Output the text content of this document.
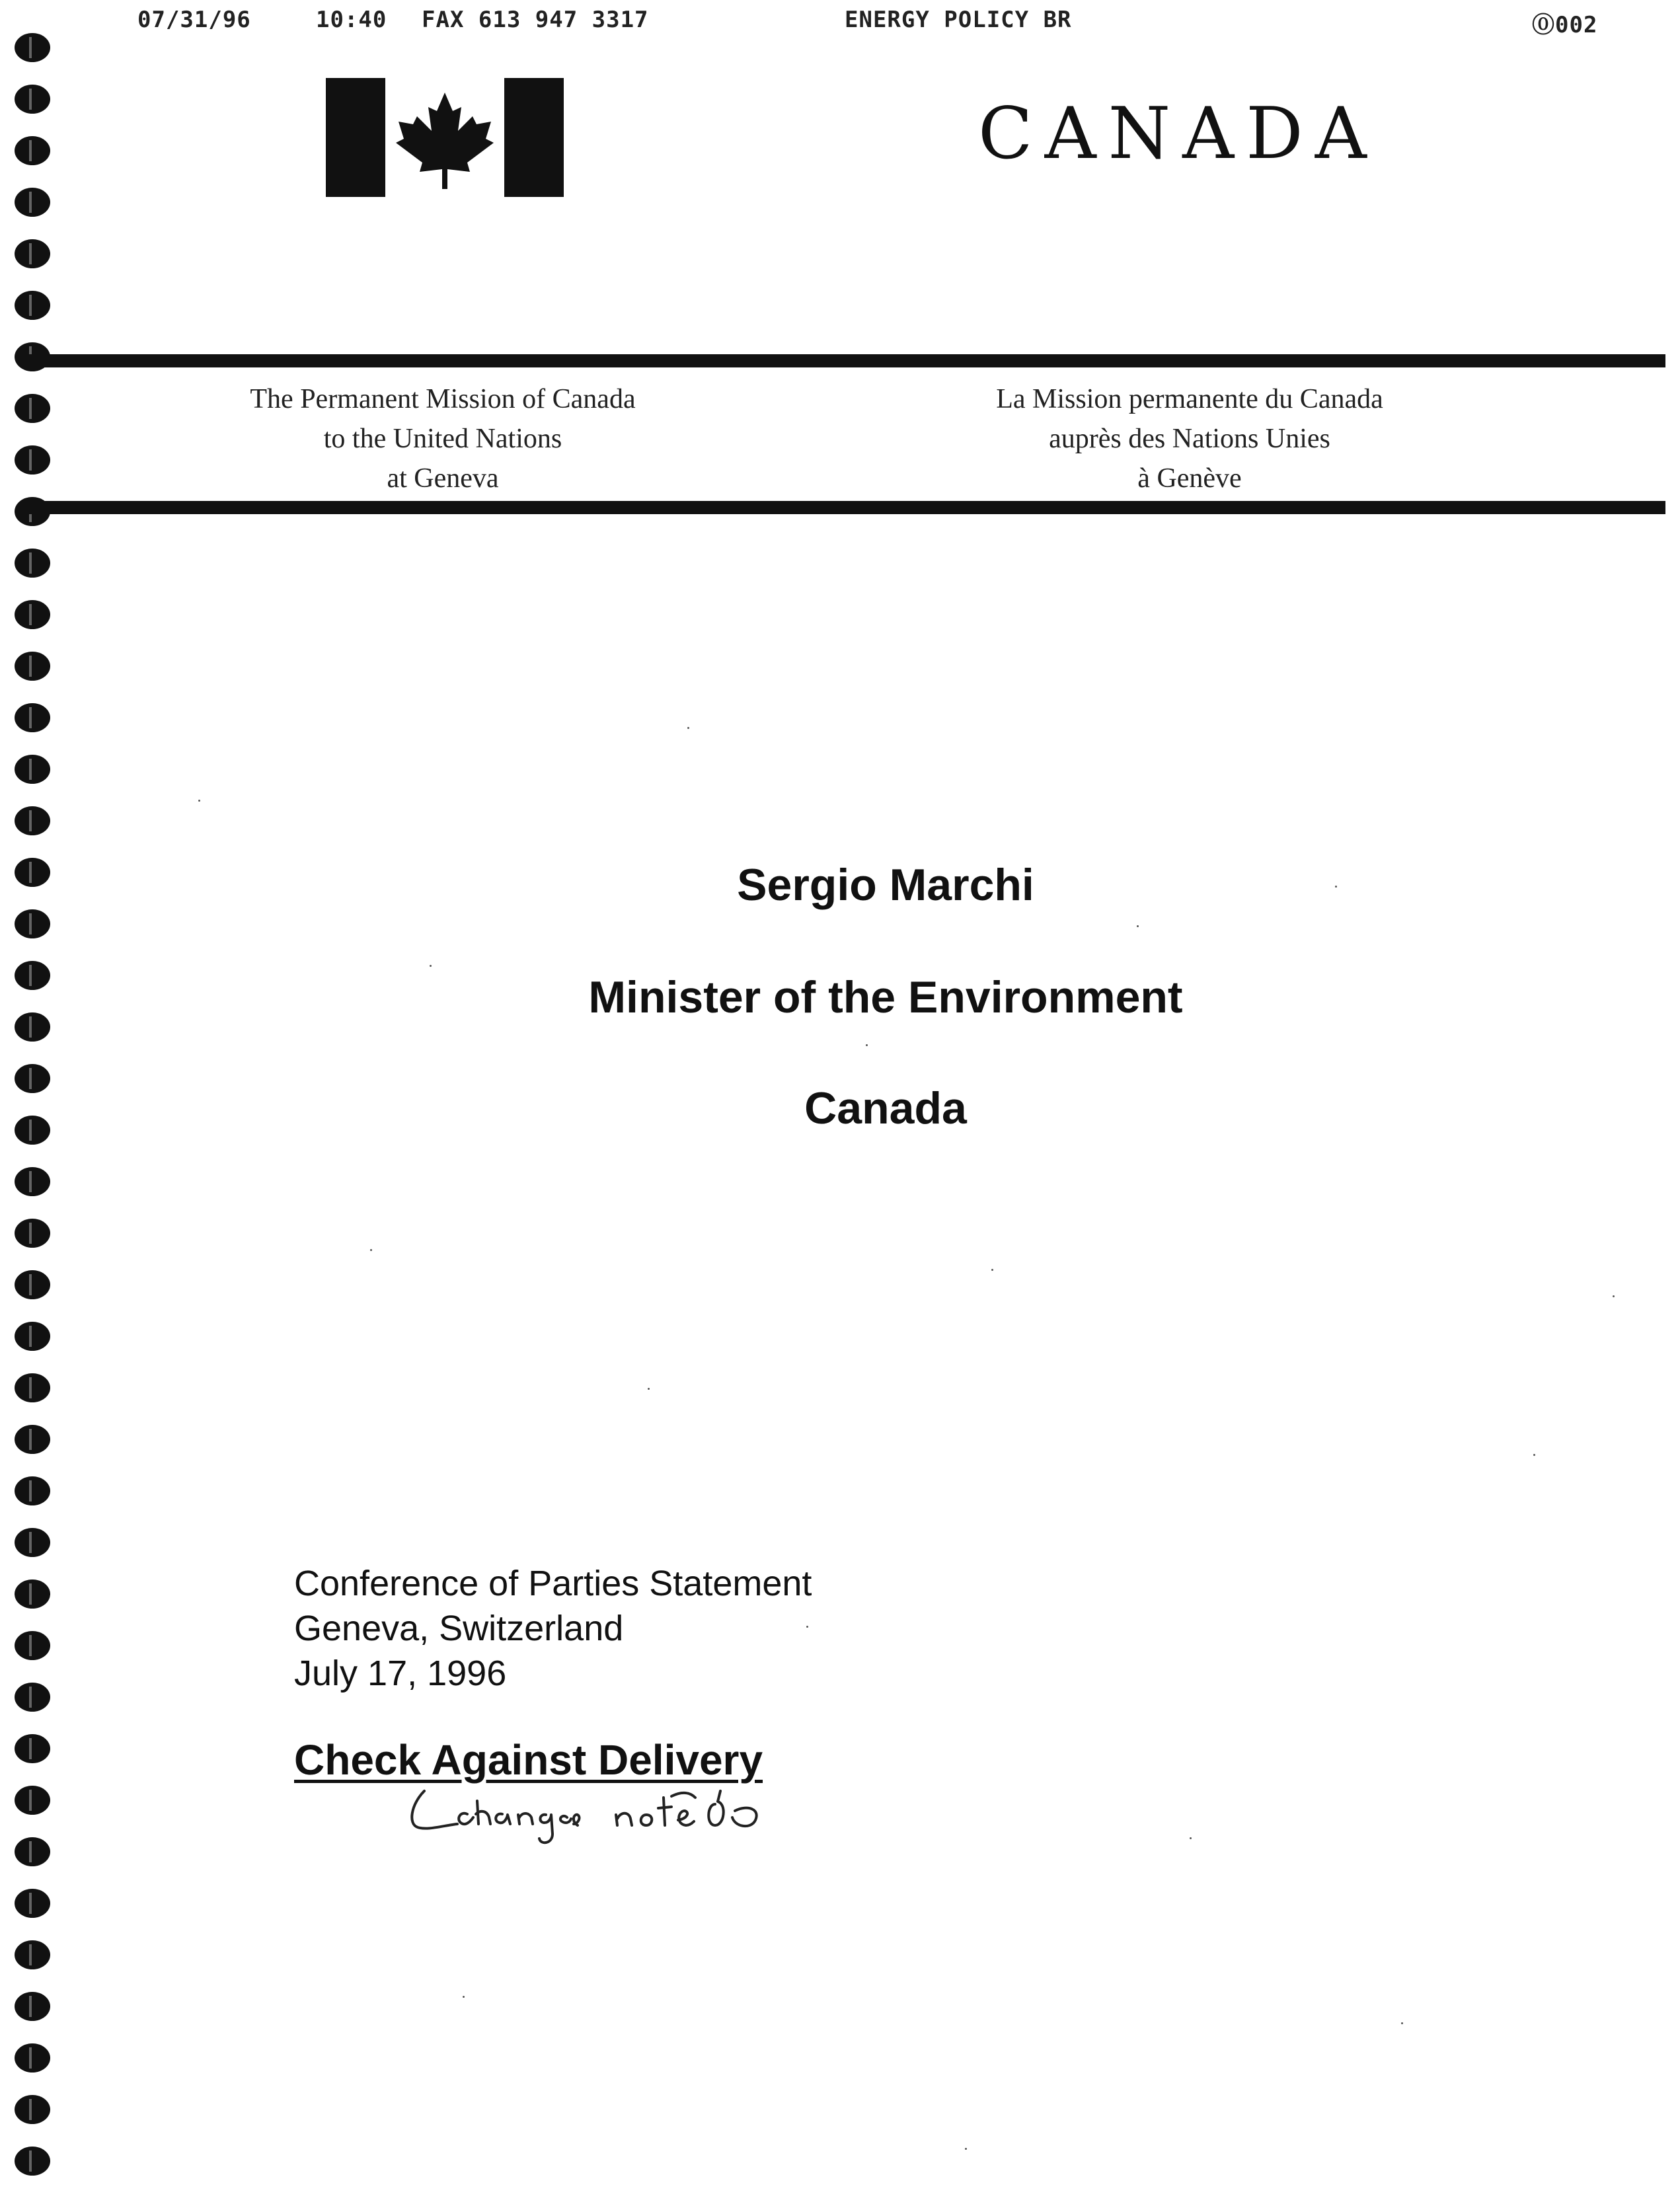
07/31/96

	10:40

FAX 613 947 3317

	ENERGY POLICY BR

	⓪002

CANADA
The Permanent Mission of Canada
to the United Nations
at Geneva
La Mission permanente du Canada
auprès des Nations Unies
à Genève
Sergio Marchi
Minister of the Environment
Canada
Conference of Parties Statement
Geneva, Switzerland
July 17, 1996
Check Against Delivery
